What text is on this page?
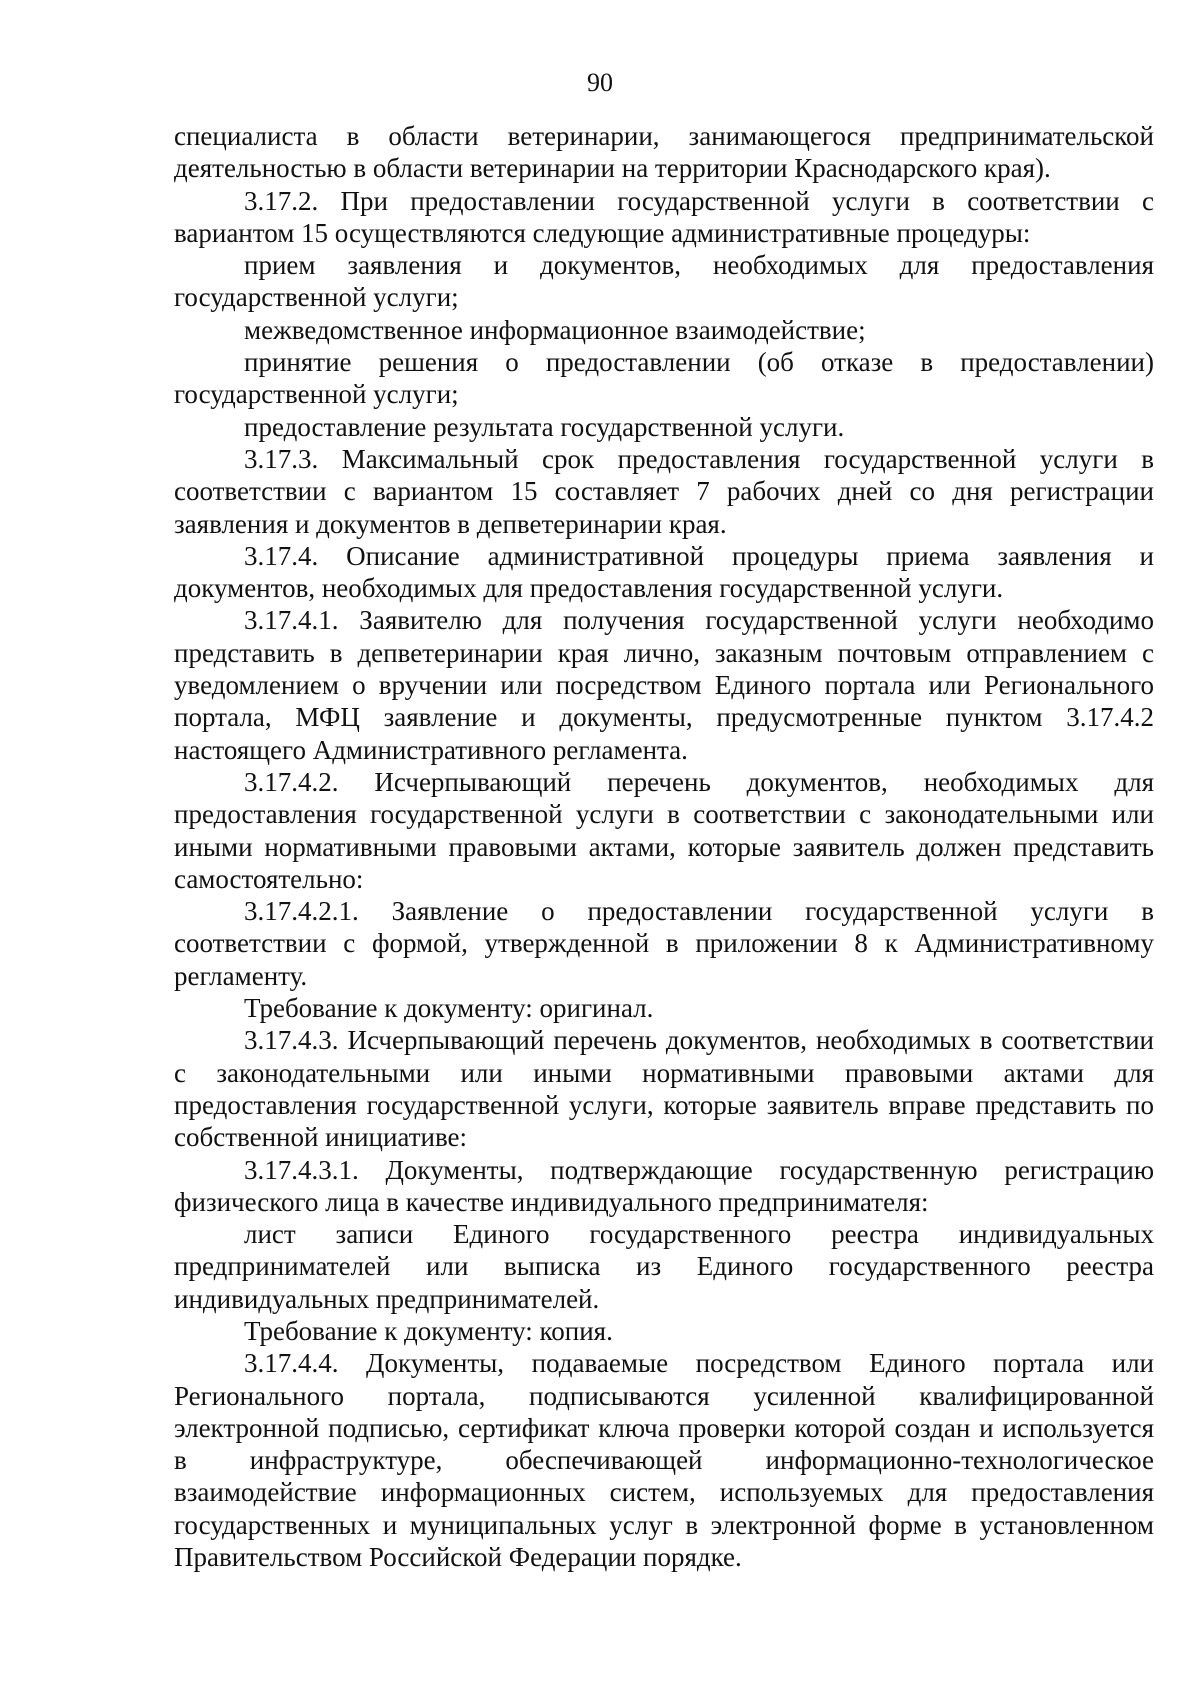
90

специалиста в области ветеринарии, занимающегося предпринимательской деятельностью в области ветеринарии на территории Краснодарского края).

3.17.2. При предоставлении государственной услуги в соответствии с вариантом 15 осуществляются следующие административные процедуры:

прием заявления и документов, необходимых для предоставления государственной услуги;

межведомственное информационное взаимодействие;

принятие решения о предоставлении (об отказе в предоставлении) государственной услуги;

предоставление результата государственной услуги.

3.17.3. Максимальный срок предоставления государственной услуги в соответствии с вариантом 15 составляет 7 рабочих дней со дня регистрации заявления и документов в депветеринарии края.

3.17.4. Описание административной процедуры приема заявления и документов, необходимых для предоставления государственной услуги.

3.17.4.1. Заявителю для получения государственной услуги необходимо представить в депветеринарии края лично, заказным почтовым отправлением с уведомлением о вручении или посредством Единого портала или Регионального портала, МФЦ заявление и документы, предусмотренные пунктом 3.17.4.2 настоящего Административного регламента.

3.17.4.2. Исчерпывающий перечень документов, необходимых для предоставления государственной услуги в соответствии с законодательными или иными нормативными правовыми актами, которые заявитель должен представить самостоятельно:

3.17.4.2.1. Заявление о предоставлении государственной услуги в соответствии с формой, утвержденной в приложении 8 к Административному регламенту.

Требование к документу: оригинал.

3.17.4.3. Исчерпывающий перечень документов, необходимых в соответствии с законодательными или иными нормативными правовыми актами для предоставления государственной услуги, которые заявитель вправе представить по собственной инициативе:

3.17.4.3.1. Документы, подтверждающие государственную регистрацию физического лица в качестве индивидуального предпринимателя:

лист записи Единого государственного реестра индивидуальных предпринимателей или выписка из Единого государственного реестра индивидуальных предпринимателей.

Требование к документу: копия.

3.17.4.4. Документы, подаваемые посредством Единого портала или Регионального портала, подписываются усиленной квалифицированной электронной подписью, сертификат ключа проверки которой создан и используется в инфраструктуре, обеспечивающей информационно-технологическое взаимодействие информационных систем, используемых для предоставления государственных и муниципальных услуг в электронной форме в установленном Правительством Российской Федерации порядке.
